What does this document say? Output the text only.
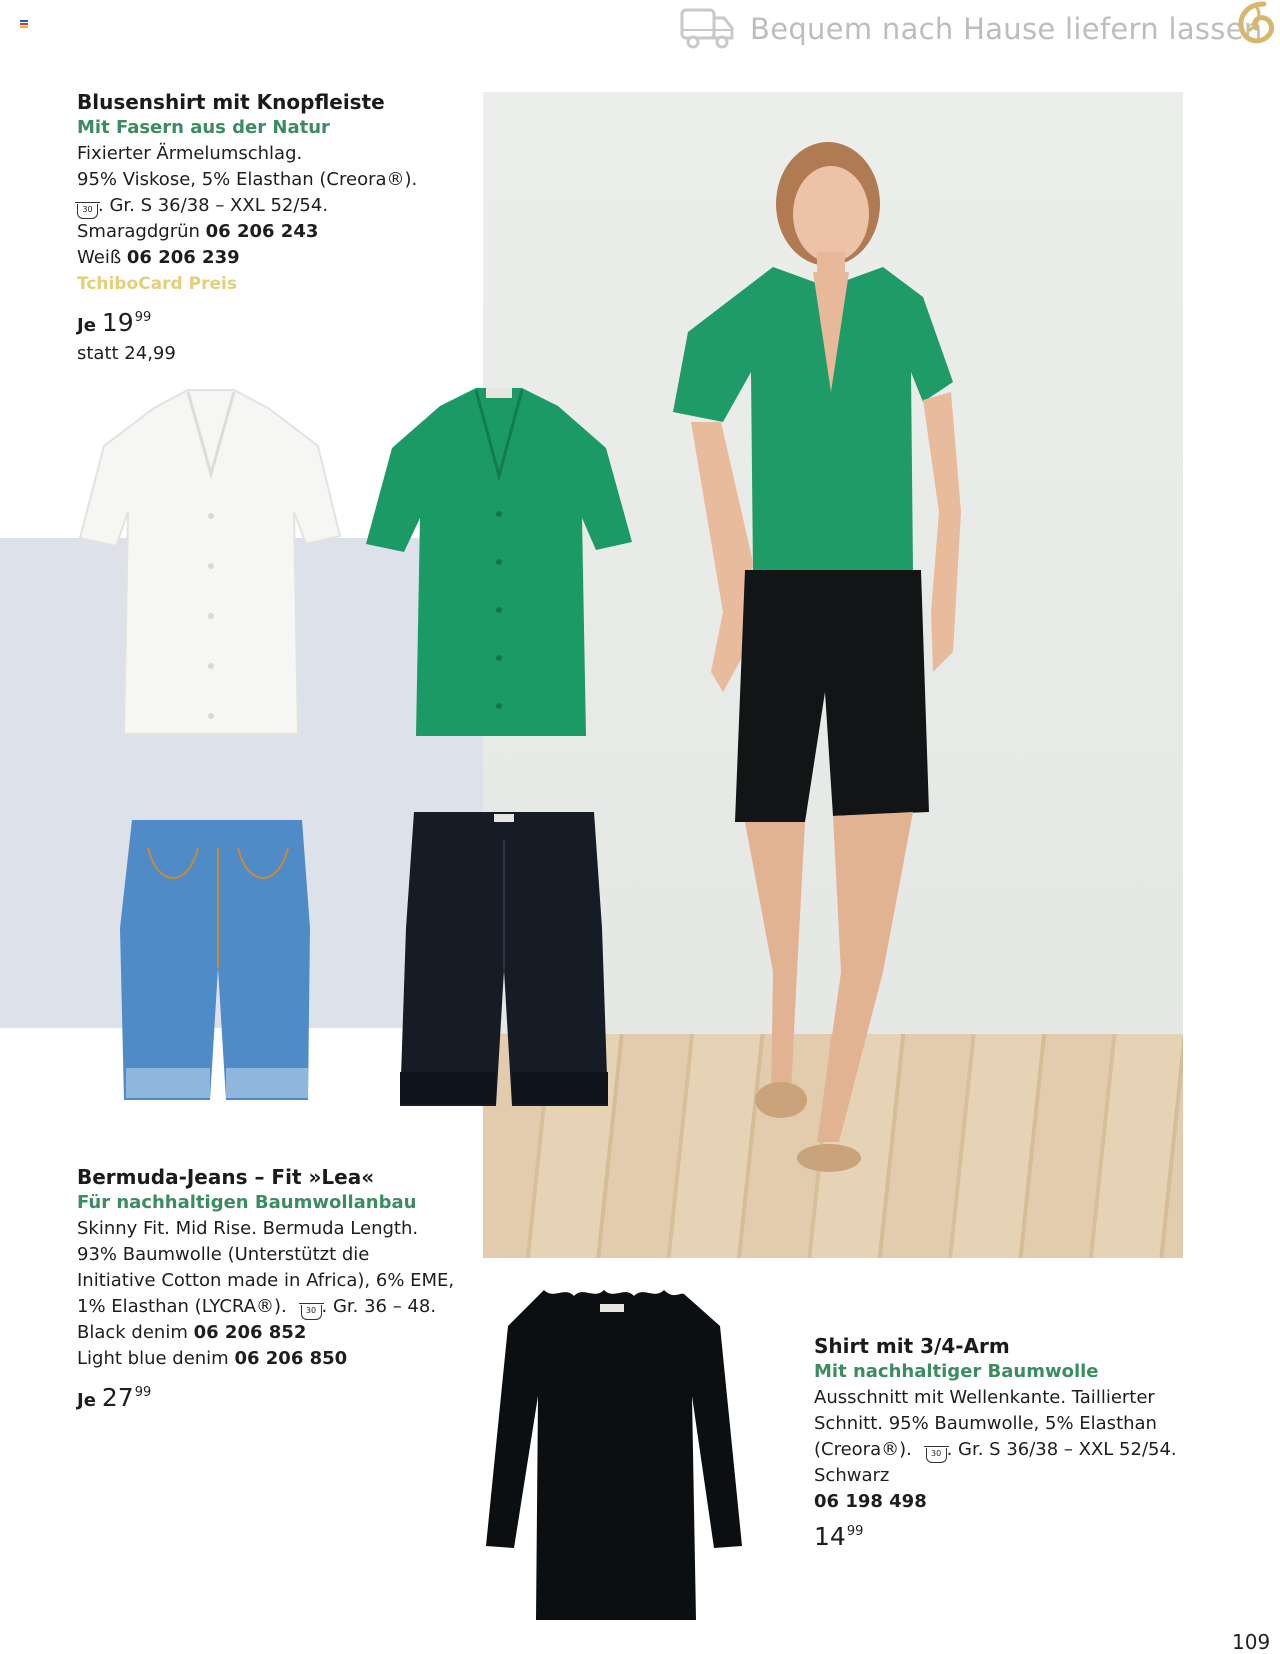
Bequem nach Hause liefern lassen
Blusenshirt mit Knopfleiste
Mit Fasern aus der Natur
Fixierter Ärmelumschlag.
95% Viskose, 5% Elasthan (Creora®).
30 . Gr. S 36/38 – XXL 52/54.
Smaragdgrün 06 206 243
Weiß 06 206 239
TchiboCard Preis
Je $19^{99}$
statt 24,99
Bermuda-Jeans – Fit »Lea«
Für nachhaltigen Baumwollanbau
Skinny Fit. Mid Rise. Bermuda Length.
93% Baumwolle (Unterstützt die
Initiative Cotton made in Africa), 6% EME,
1% Elasthan (LYCRA®). 30 . Gr. 36 – 48.
Black denim 06 206 852
Light blue denim 06 206 850
Je $27^{99}$
Shirt mit 3/4-Arm
Mit nachhaltiger Baumwolle
Ausschnitt mit Wellenkante. Taillierter
Schnitt. 95% Baumwolle, 5% Elasthan
(Creora®). 30 . Gr. S 36/38 – XXL 52/54.
Schwarz
06 198 498
$14^{99}$
109
